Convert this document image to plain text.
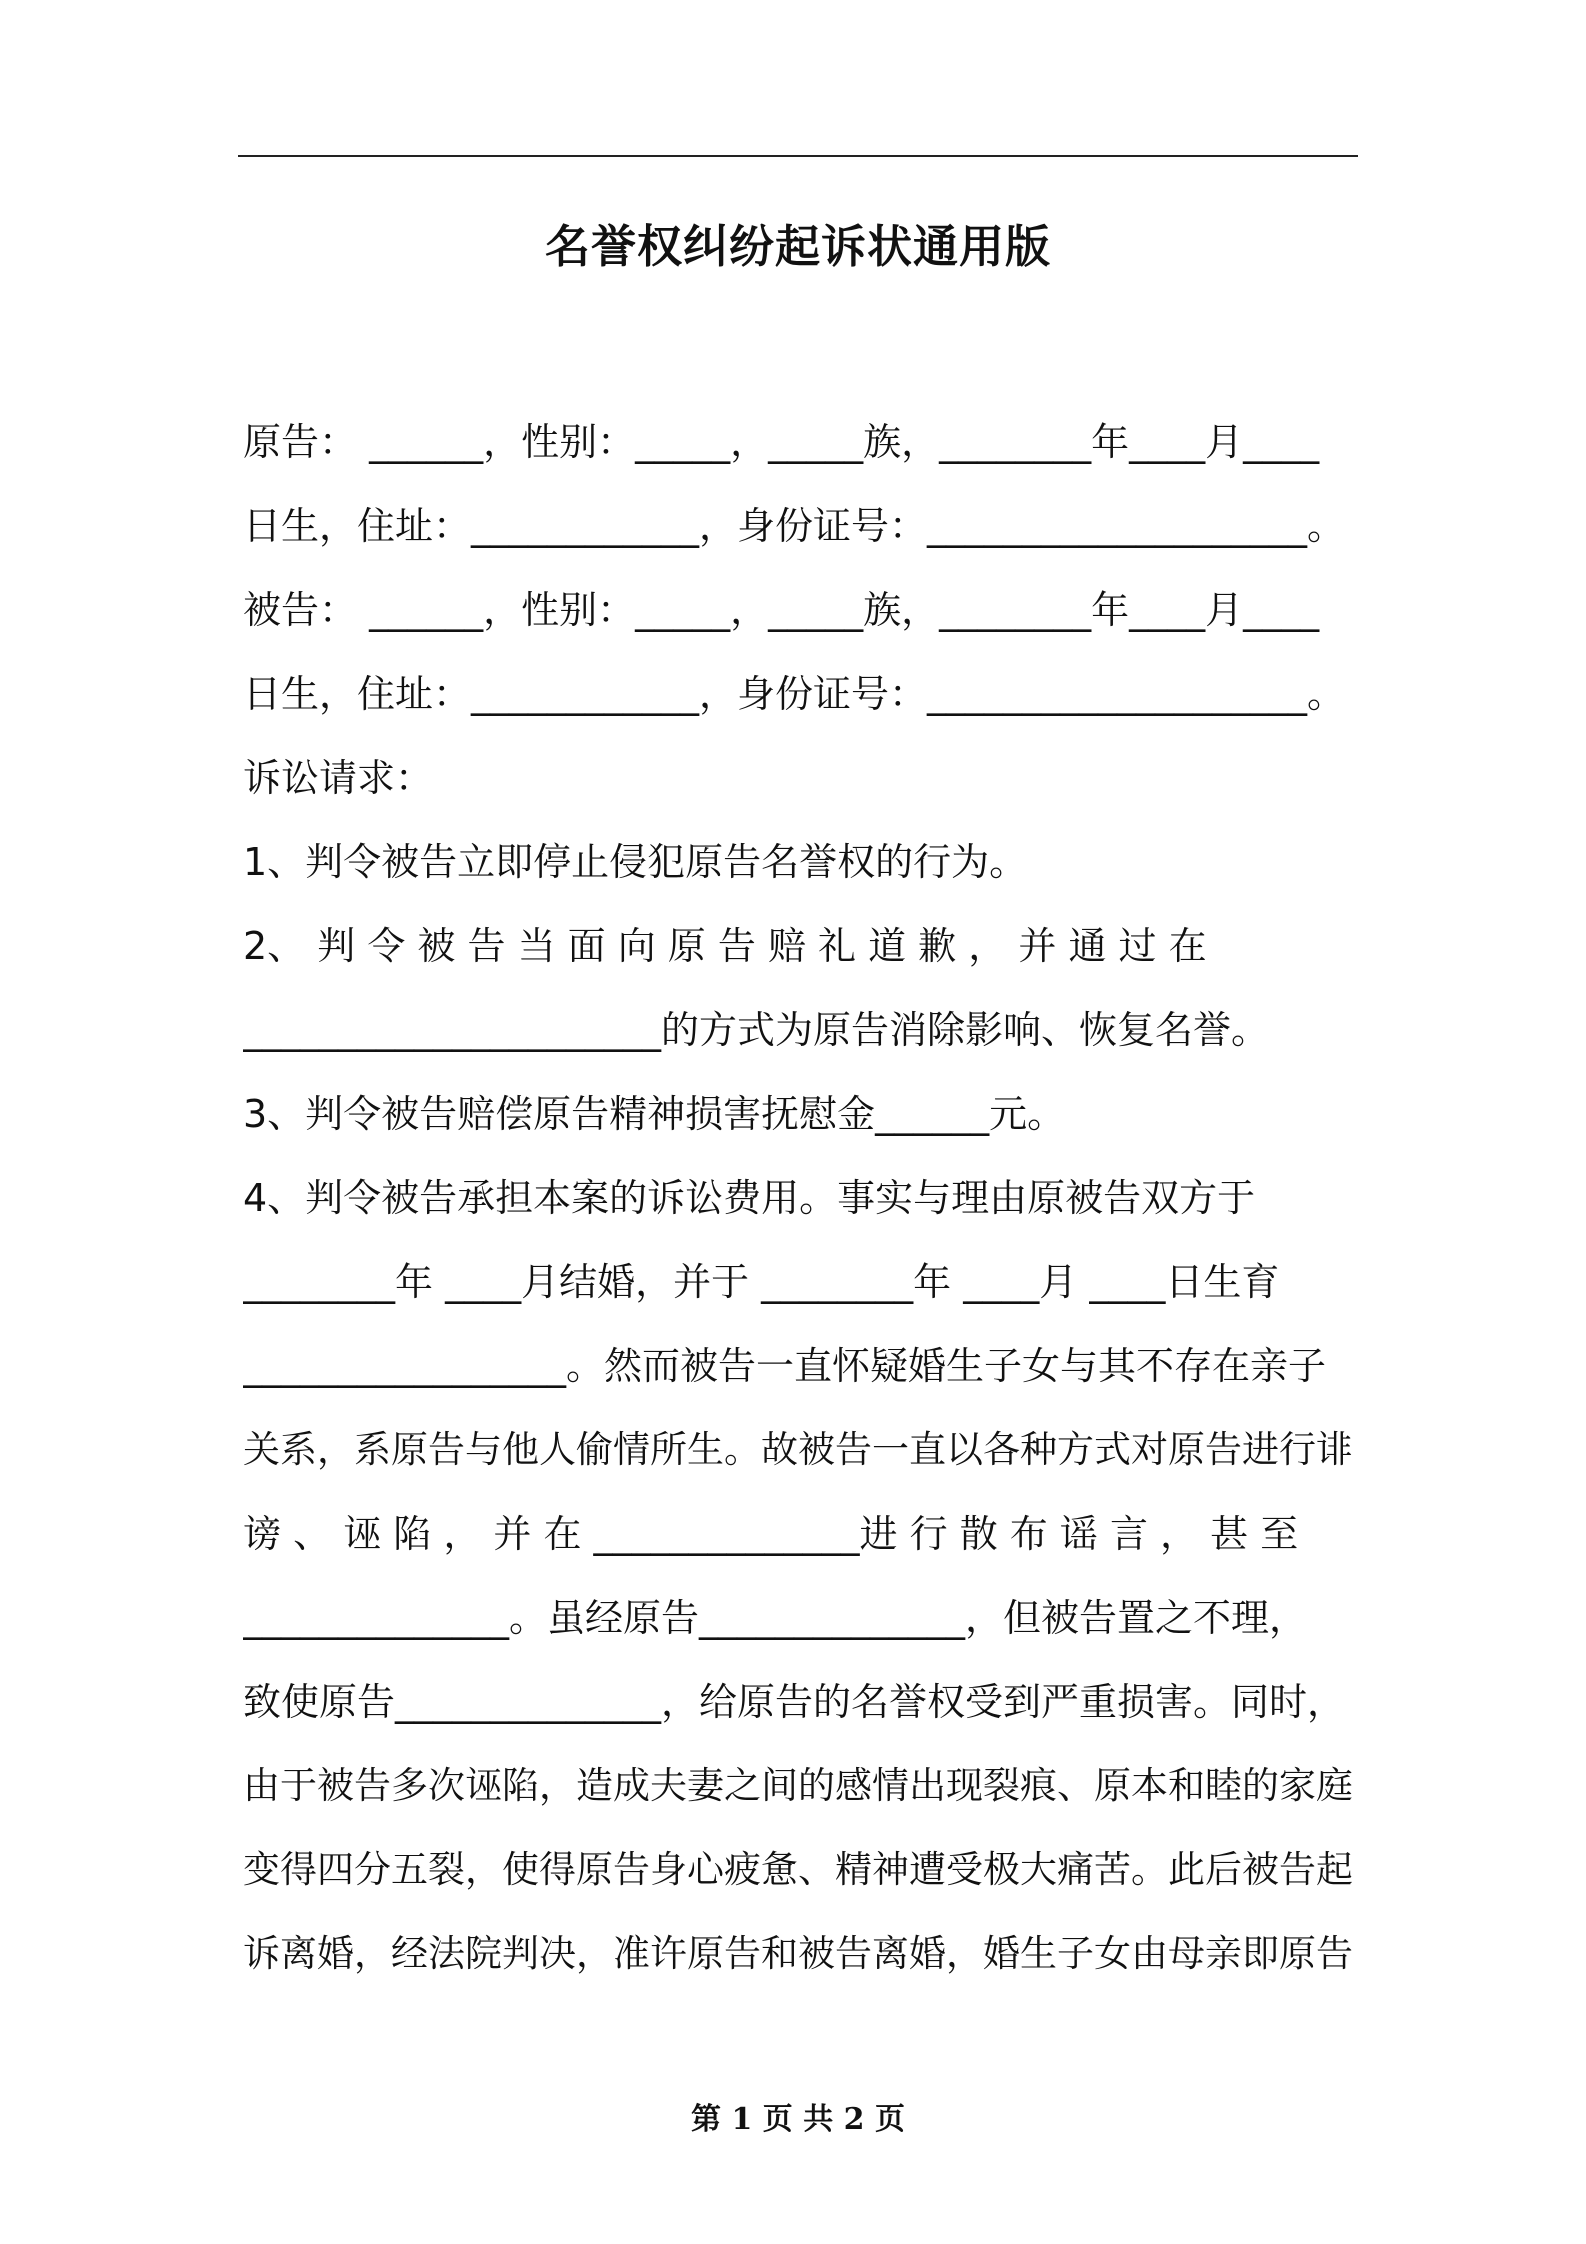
名誉权纠纷起诉状通用版
原告： ______，性别：_____，_____族，________年____月____
日生，住址：____________，身份证号：____________________。
被告： ______，性别：_____，_____族，________年____月____
日生，住址：____________，身份证号：____________________。
诉讼请求：
1、判令被告立即停止侵犯原告名誉权的行为。
2、 判 令 被 告 当 面 向 原 告 赔 礼 道 歉 ， 并 通 过 在
______________________的方式为原告消除影响、恢复名誉。
3、判令被告赔偿原告精神损害抚慰金______元。
4、判令被告承担本案的诉讼费用。事实与理由原被告双方于
________年 ____月结婚，并于 ________年 ____月 ____日生育
_________________。然而被告一直怀疑婚生子女与其不存在亲子
关系，系原告与他人偷情所生。故被告一直以各种方式对原告进行诽
谤 、 诬 陷 ， 并 在 ______________进 行 散 布 谣 言 ， 甚 至
______________。虽经原告______________，但被告置之不理，
致使原告______________，给原告的名誉权受到严重损害。同时，
由于被告多次诬陷，造成夫妻之间的感情出现裂痕、原本和睦的家庭
变得四分五裂，使得原告身心疲惫、精神遭受极大痛苦。此后被告起
诉离婚，经法院判决，准许原告和被告离婚，婚生子女由母亲即原告
第 1 页 共 2 页
